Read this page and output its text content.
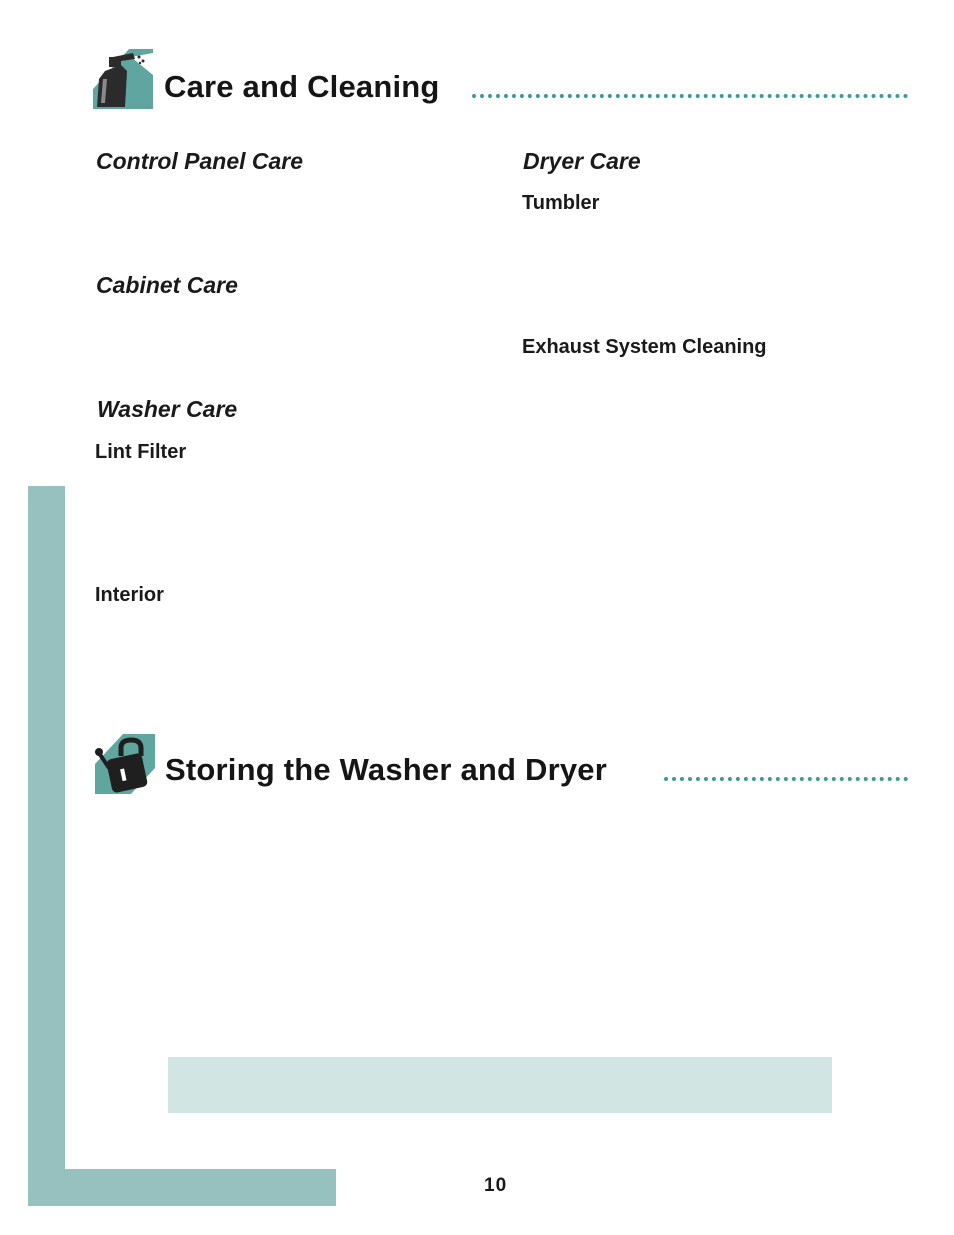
Care and Cleaning
Control Panel Care
Cabinet Care
Washer Care
Lint Filter
Interior
Dryer Care
Tumbler
Exhaust System Cleaning
Storing the Washer and Dryer
10
